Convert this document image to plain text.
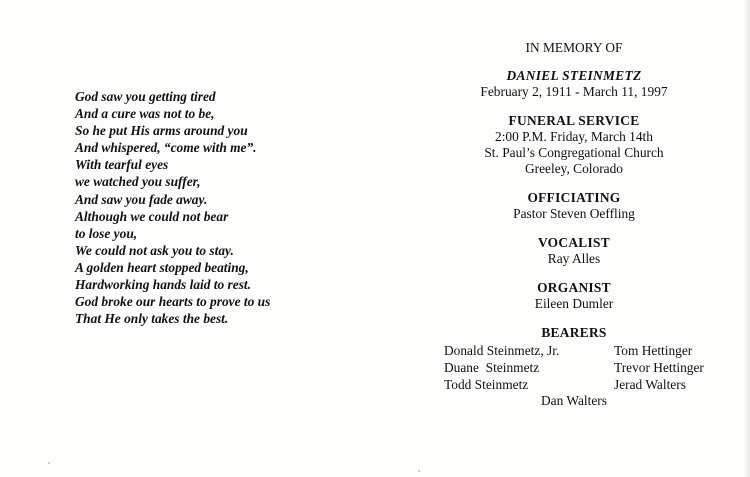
God saw you getting tired
And a cure was not to be,
So he put His arms around you
And whispered, “come with me”.
With tearful eyes
we watched you suffer,
And saw you fade away.
Although we could not bear
to lose you,
We could not ask you to stay.
A golden heart stopped beating,
Hardworking hands laid to rest.
God broke our hearts to prove to us
That He only takes the best.
IN MEMORY OF
DANIEL STEINMETZ
February 2, 1911 - March 11, 1997
FUNERAL SERVICE
2:00 P.M. Friday, March 14th
St. Paul’s Congregational Church
Greeley, Colorado
OFFICIATING
Pastor Steven Oeffling
VOCALIST
Ray Alles
ORGANIST
Eileen Dumler
BEARERS
Donald Steinmetz, Jr.
Duane  Steinmetz
Todd Steinmetz
Tom Hettinger
Trevor Hettinger
Jerad Walters
Dan Walters
